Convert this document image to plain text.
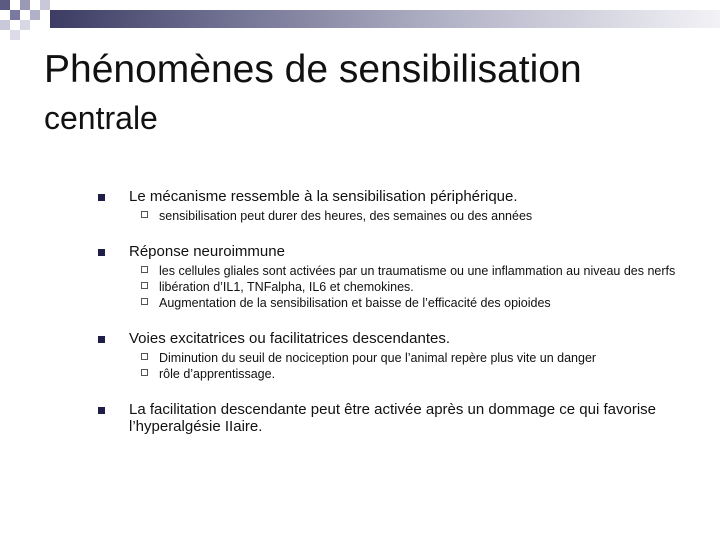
Phénomènes de sensibilisation
centrale
Le mécanisme ressemble à la sensibilisation périphérique.
sensibilisation peut durer des heures, des semaines ou des années
Réponse neuroimmune
les cellules gliales sont activées par un traumatisme ou une inflammation au niveau des nerfs
libération d’IL1, TNFalpha, IL6 et chemokines.
Augmentation de la sensibilisation et baisse de l’efficacité des opioides
Voies excitatrices ou facilitatrices descendantes.
Diminution du seuil de nociception pour que l’animal repère plus vite un danger
rôle d’apprentissage.
La facilitation descendante peut être activée après un dommage ce qui favorise l’hyperalgésie IIaire.
